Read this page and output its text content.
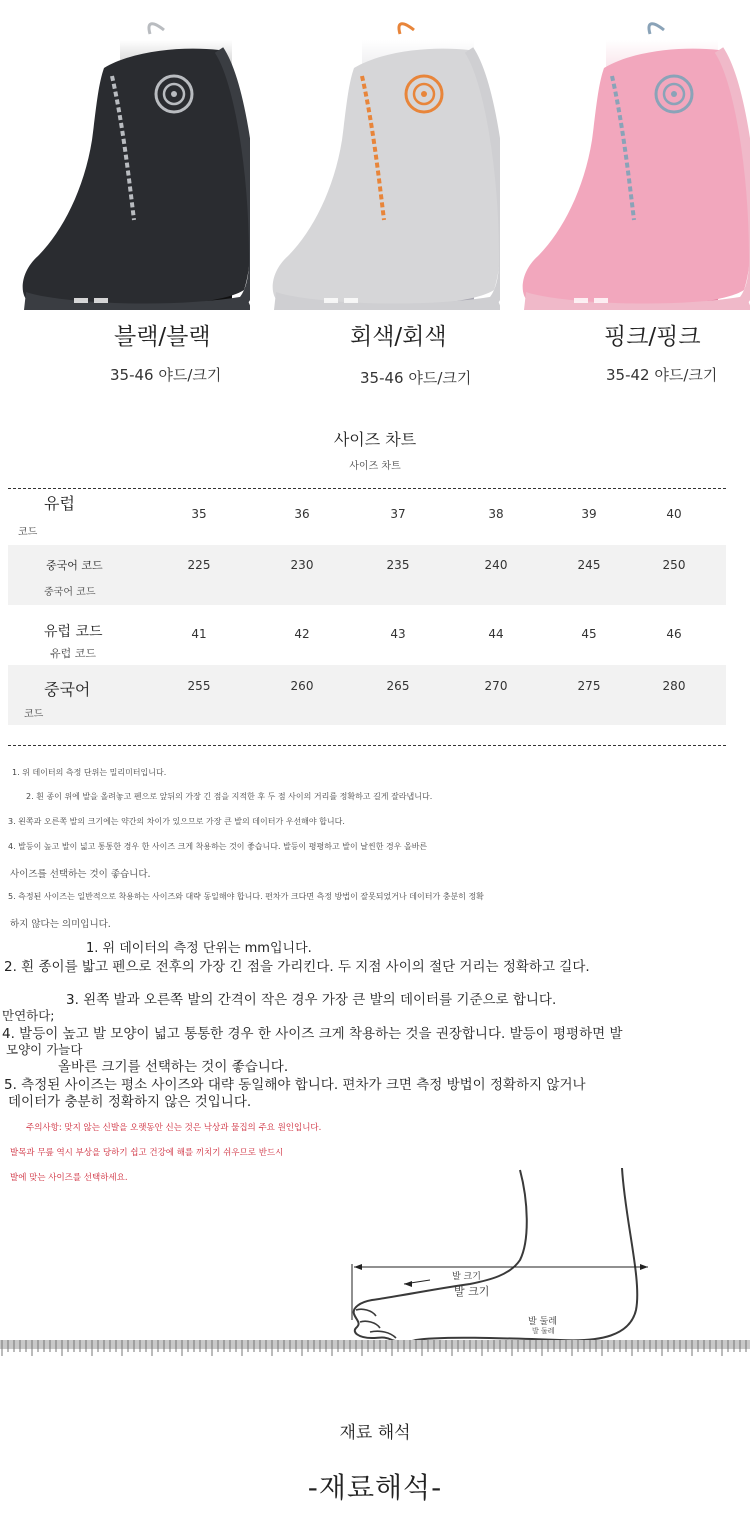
블랙/블랙
35-46 야드/크기
회색/회색
35-46 야드/크기
핑크/핑크
35-42 야드/크기
사이즈 차트
사이즈 차트
유럽
코드
35	36	37	38	39	40
중국어 코드
중국어 코드
225	230	235	240	245	250
유럽 코드
유럽 코드
41	42	43	44	45	46
중국어
코드
255	260	265	270	275	280
1. 위 데이터의 측정 단위는 밀리미터입니다.
2. 흰 종이 위에 발을 올려놓고 펜으로 앞뒤의 가장 긴 점을 지적한 후 두 점 사이의 거리를 정확하고 길게 잘라냅니다.
3. 왼쪽과 오른쪽 발의 크기에는 약간의 차이가 있으므로 가장 큰 발의 데이터가 우선해야 합니다.
4. 발등이 높고 발이 넓고 통통한 경우 한 사이즈 크게 착용하는 것이 좋습니다. 발등이 평평하고 발이 날씬한 경우 올바른
사이즈를 선택하는 것이 좋습니다.
5. 측정된 사이즈는 일반적으로 착용하는 사이즈와 대략 동일해야 합니다. 편차가 크다면 측정 방법이 잘못되었거나 데이터가 충분히 정확
하지 않다는 의미입니다.
1. 위 데이터의 측정 단위는 mm입니다.
2. 흰 종이를 밟고 펜으로 전후의 가장 긴 점을 가리킨다. 두 지점 사이의 절단 거리는 정확하고 길다.
3. 왼쪽 발과 오른쪽 발의 간격이 작은 경우 가장 큰 발의 데이터를 기준으로 합니다.
만연하다;
4. 발등이 높고 발 모양이 넓고 통통한 경우 한 사이즈 크게 착용하는 것을 권장합니다. 발등이 평평하면 발
모양이 가늘다
올바른 크기를 선택하는 것이 좋습니다.
5. 측정된 사이즈는 평소 사이즈와 대략 동일해야 합니다. 편차가 크면 측정 방법이 정확하지 않거나
데이터가 충분히 정확하지 않은 것입니다.
주의사항: 맞지 않는 신발을 오랫동안 신는 것은 낙상과 물집의 주요 원인입니다.
발목과 무릎 역시 부상을 당하기 쉽고 건강에 해를 끼치기 쉬우므로 반드시
발에 맞는 사이즈를 선택하세요.
발 크기
발 크기
발 둘레
발 둘레
재료 해석
-재료해석-
